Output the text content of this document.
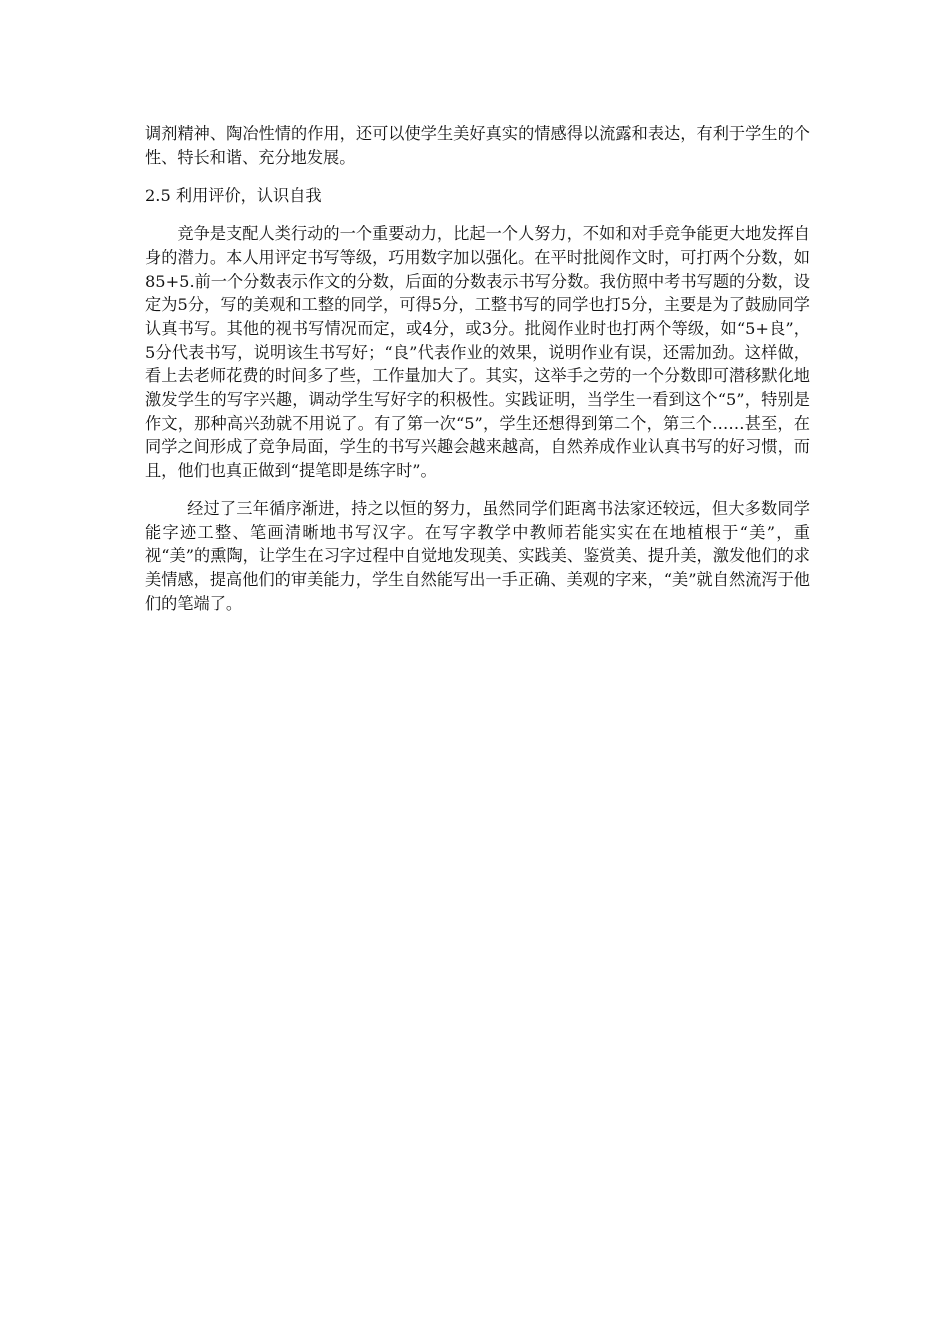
调剂精神、陶冶性情的作用，还可以使学生美好真实的情感得以流露和表达，有利于学生的个性、特长和谐、充分地发展。

2.5 利用评价，认识自我

竞争是支配人类行动的一个重要动力，比起一个人努力，不如和对手竞争能更大地发挥自身的潜力。本人用评定书写等级，巧用数字加以强化。在平时批阅作文时，可打两个分数，如85+5.前一个分数表示作文的分数，后面的分数表示书写分数。我仿照中考书写题的分数，设定为5分，写的美观和工整的同学，可得5分，工整书写的同学也打5分，主要是为了鼓励同学认真书写。其他的视书写情况而定，或4分，或3分。批阅作业时也打两个等级，如“5+良”，5分代表书写，说明该生书写好；“良”代表作业的效果，说明作业有误，还需加劲。这样做，看上去老师花费的时间多了些，工作量加大了。其实，这举手之劳的一个分数即可潜移默化地激发学生的写字兴趣，调动学生写好字的积极性。实践证明，当学生一看到这个“5”，特别是作文，那种高兴劲就不用说了。有了第一次“5”，学生还想得到第二个，第三个……甚至，在同学之间形成了竞争局面，学生的书写兴趣会越来越高，自然养成作业认真书写的好习惯，而且，他们也真正做到“提笔即是练字时”。

经过了三年循序渐进，持之以恒的努力，虽然同学们距离书法家还较远，但大多数同学能字迹工整、笔画清晰地书写汉字。在写字教学中教师若能实实在在地植根于“美”，重视“美”的熏陶，让学生在习字过程中自觉地发现美、实践美、鉴赏美、提升美，激发他们的求美情感，提高他们的审美能力，学生自然能写出一手正确、美观的字来，“美”就自然流泻于他们的笔端了。
